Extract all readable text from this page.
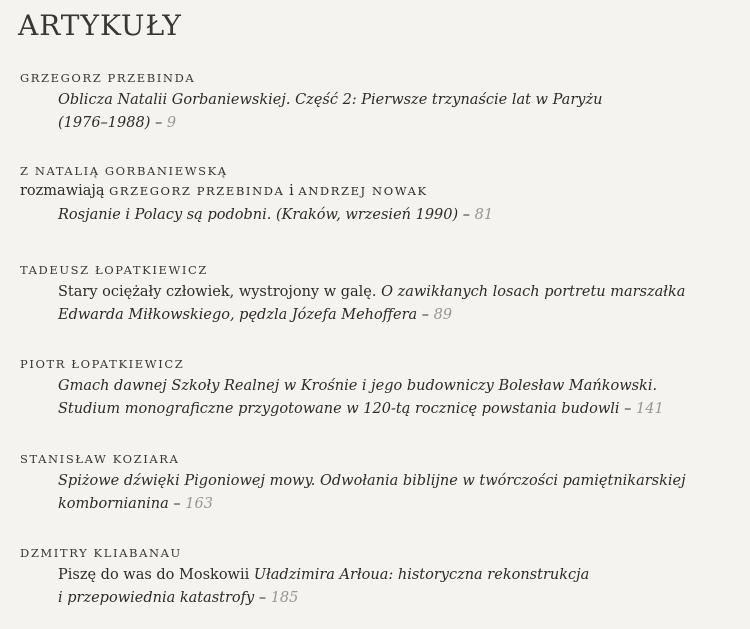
ARTYKUŁY

GRZEGORZ PRZEBINDA

Oblicza Natalii Gorbaniewskiej. Część 2: Pierwsze trzynaście lat w Paryżu
(1976–1988) – 9

Z NATALIĄ GORBANIEWSKĄ

rozmawiają GRZEGORZ PRZEBINDA i ANDRZEJ NOWAK

Rosjanie i Polacy są podobni. (Kraków, wrzesień 1990) – 81

TADEUSZ ŁOPATKIEWICZ

Stary ociężały człowiek, wystrojony w galę. O zawikłanych losach portretu marszałka
Edwarda Miłkowskiego, pędzla Józefa Mehoffera – 89

PIOTR ŁOPATKIEWICZ

Gmach dawnej Szkoły Realnej w Krośnie i jego budowniczy Bolesław Mańkowski.
Studium monograficzne przygotowane w 120-tą rocznicę powstania budowli – 141

STANISŁAW KOZIARA

Spiżowe dźwięki Pigoniowej mowy. Odwołania biblijne w twórczości pamiętnikarskiej
kombornianina – 163

DZMITRY KLIABANAU

Piszę do was do Moskowii Uładzimira Arłoua: historyczna rekonstrukcja
i przepowiednia katastrofy – 185
